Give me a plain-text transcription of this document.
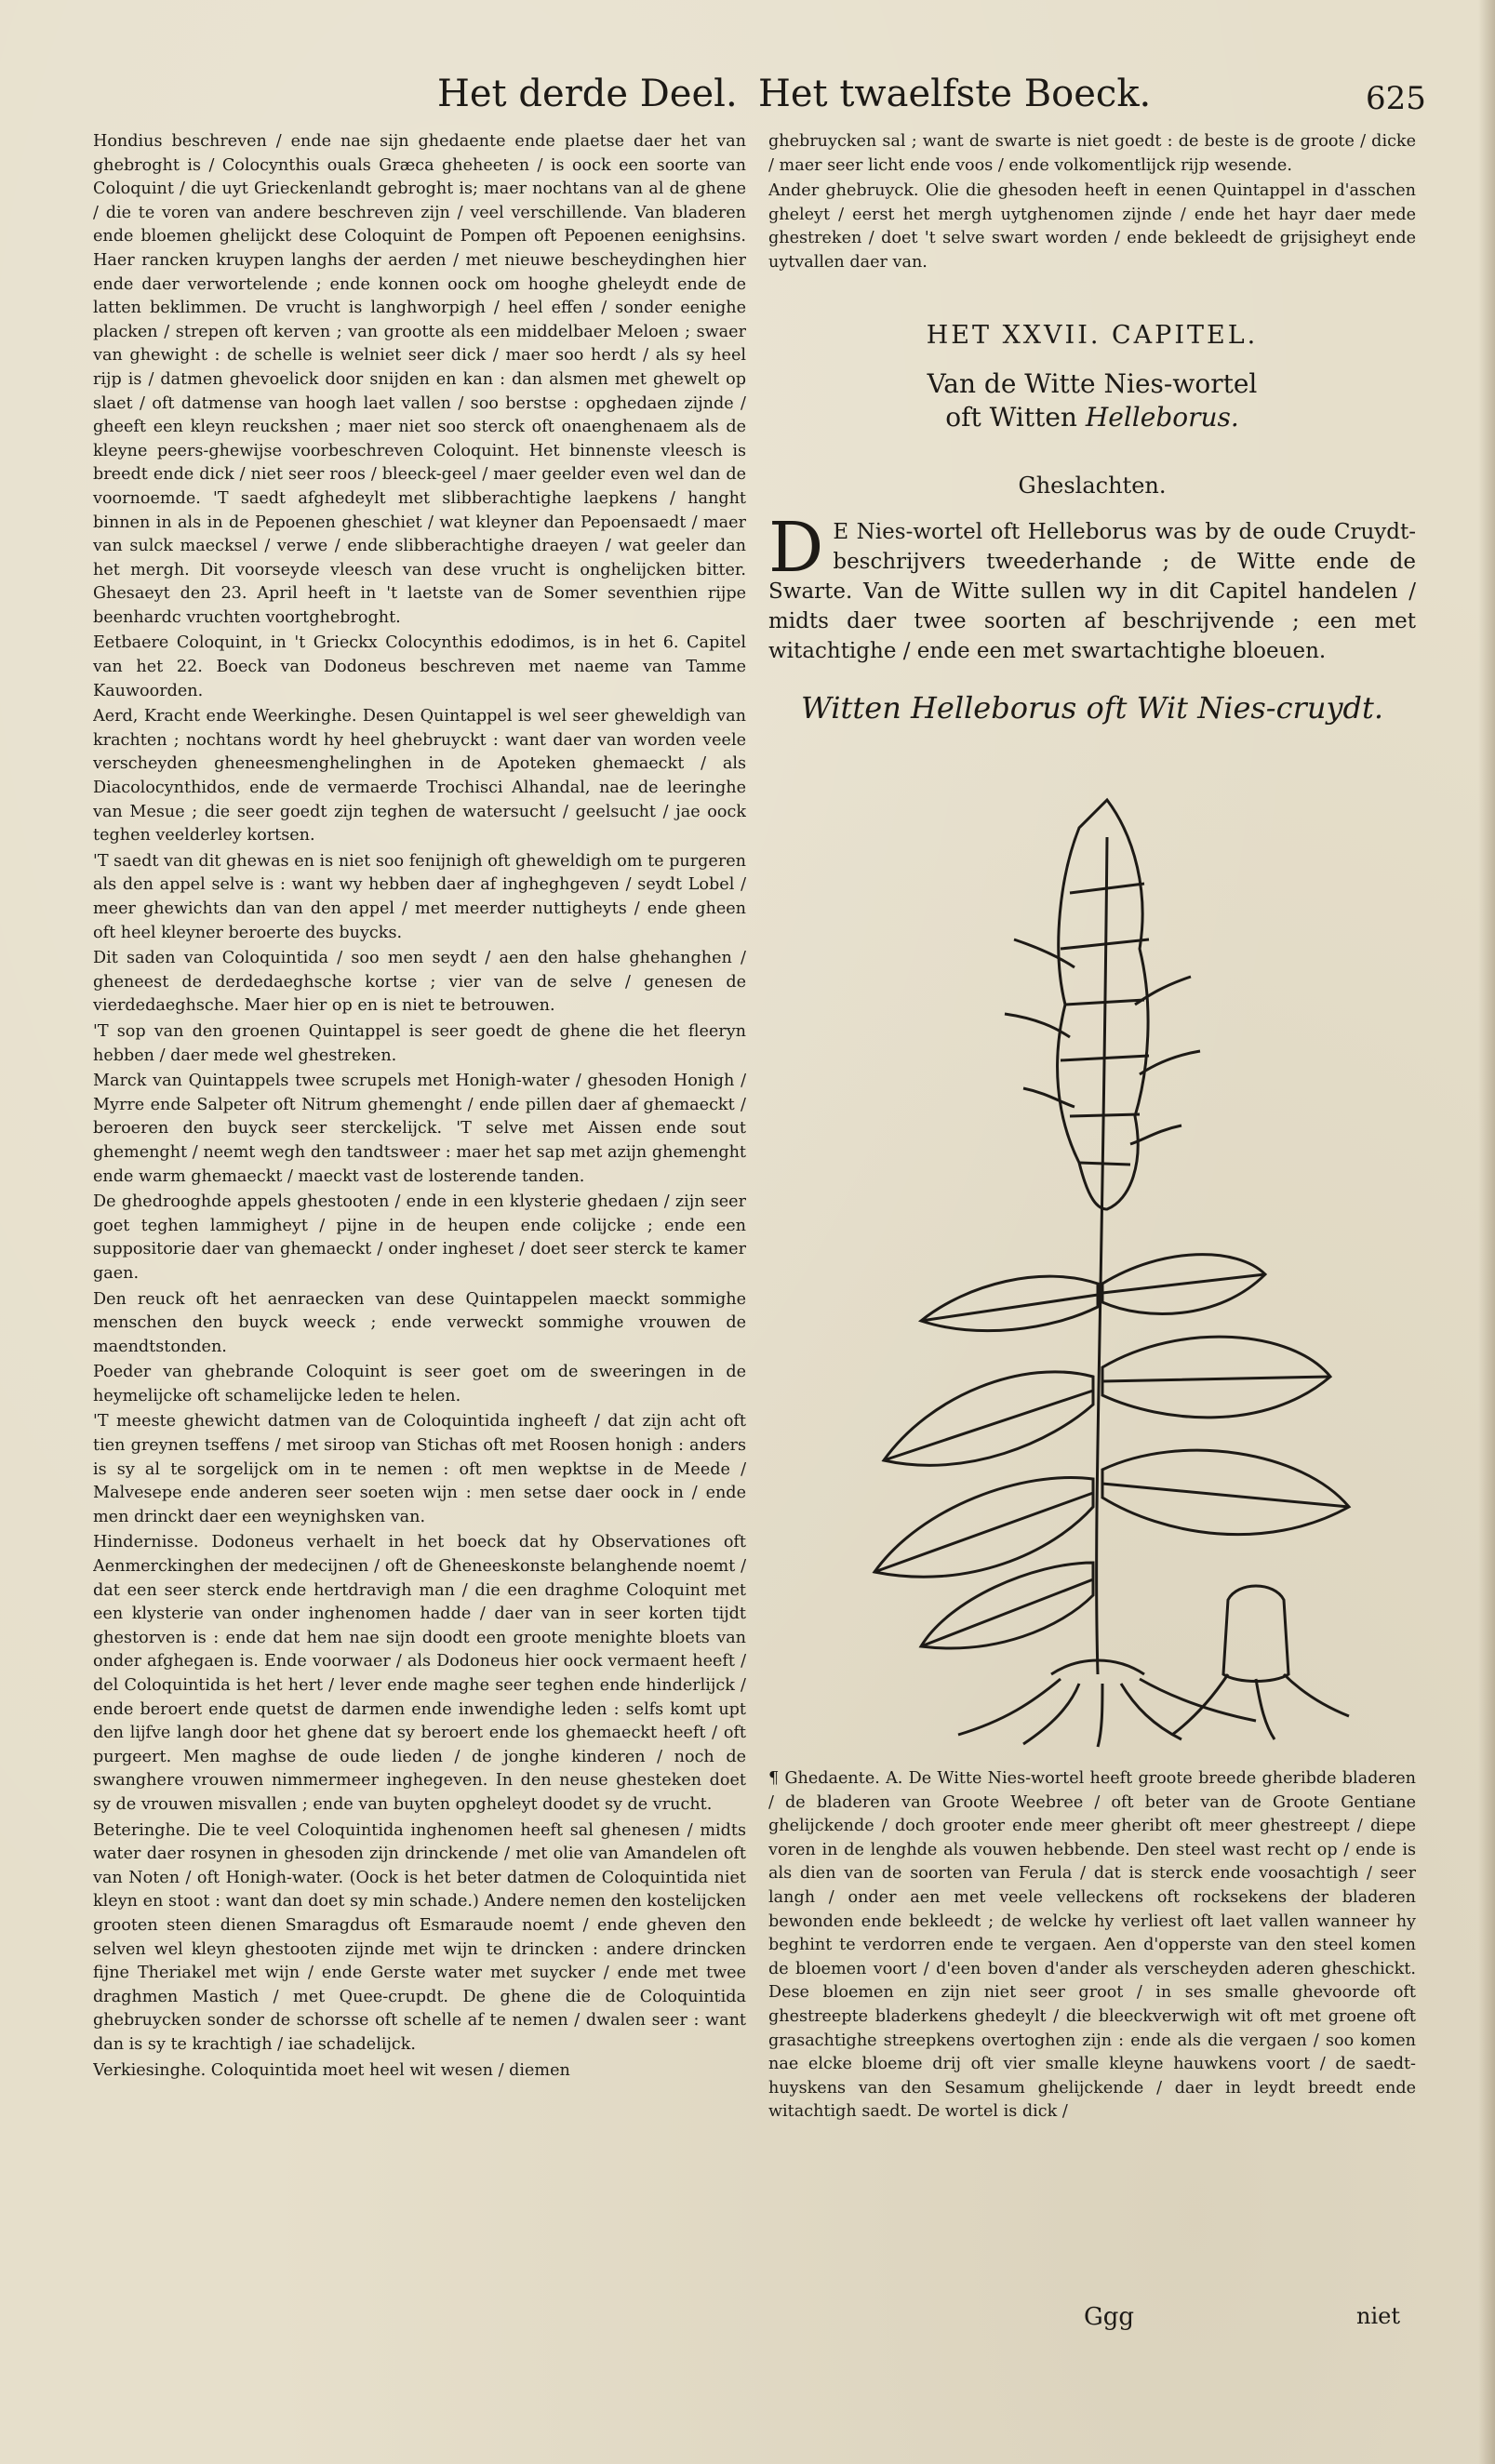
Het derde Deel. Het twaelfste Boeck.	625

Hondius beschreven / ende nae sijn ghedaente ende plaetse daer het van ghebroght is / Colocynthis ouals Græca gheheeten / is oock een soorte van Coloquint / die uyt Grieckenlandt gebroght is; maer nochtans van al de ghene / die te voren van andere beschreven zijn / veel verschillende. Van bladeren ende bloemen ghelijckt dese Coloquint de Pompen oft Pepoenen eenighsins. Haer rancken kruypen langhs der aerden / met nieuwe bescheydinghen hier ende daer verwortelende ; ende konnen oock om hooghe gheleydt ende de latten beklimmen. De vrucht is langhworpigh / heel effen / sonder eenighe placken / strepen oft kerven ; van grootte als een middelbaer Meloen ; swaer van ghewight : de schelle is welniet seer dick / maer soo herdt / als sy heel rijp is / datmen ghevoelick door snijden en kan : dan alsmen met ghewelt op slaet / oft datmense van hoogh laet vallen / soo berstse : opghedaen zijnde / gheeft een kleyn reuckshen ; maer niet soo sterck oft onaenghenaem als de kleyne peers-ghewijse voorbeschreven Coloquint. Het binnenste vleesch is breedt ende dick / niet seer roos / bleeck-geel / maer geelder even wel dan de voornoemde. 'T saedt afghedeylt met slibberachtighe laepkens / hanght binnen in als in de Pepoenen gheschiet / wat kleyner dan Pepoensaedt / maer van sulck maecksel / verwe / ende slibberachtighe draeyen / wat geeler dan het mergh. Dit voorseyde vleesch van dese vrucht is onghelijcken bitter. Ghesaeyt den 23. April heeft in 't laetste van de Somer seventhien rijpe beenhardc vruchten voortghebroght.

Eetbaere Coloquint, in 't Grieckx Colocynthis edodimos, is in het 6. Capitel van het 22. Boeck van Dodoneus beschreven met naeme van Tamme Kauwoorden.

Aerd, Kracht ende Weerkinghe. Desen Quintappel is wel seer gheweldigh van krachten ; nochtans wordt hy heel ghebruyckt : want daer van worden veele verscheyden gheneesmenghelinghen in de Apoteken ghemaeckt / als Diacolocynthidos, ende de vermaerde Trochisci Alhandal, nae de leeringhe van Mesue ; die seer goedt zijn teghen de watersucht / geelsucht / jae oock teghen veelderley kortsen.

'T saedt van dit ghewas en is niet soo fenijnigh oft gheweldigh om te purgeren als den appel selve is : want wy hebben daer af ingheghgeven / seydt Lobel / meer ghewichts dan van den appel / met meerder nuttigheyts / ende gheen oft heel kleyner beroerte des buycks.

Dit saden van Coloquintida / soo men seydt / aen den halse ghehanghen / gheneest de derdedaeghsche kortse ; vier van de selve / genesen de vierdedaeghsche. Maer hier op en is niet te betrouwen.

'T sop van den groenen Quintappel is seer goedt de ghene die het fleeryn hebben / daer mede wel ghestreken.

Marck van Quintappels twee scrupels met Honigh-water / ghesoden Honigh / Myrre ende Salpeter oft Nitrum ghemenght / ende pillen daer af ghemaeckt / beroeren den buyck seer sterckelijck. 'T selve met Aissen ende sout ghemenght / neemt wegh den tandtsweer : maer het sap met azijn ghemenght ende warm ghemaeckt / maeckt vast de losterende tanden.

De ghedrooghde appels ghestooten / ende in een klysterie ghedaen / zijn seer goet teghen lammigheyt / pijne in de heupen ende colijcke ; ende een suppositorie daer van ghemaeckt / onder ingheset / doet seer sterck te kamer gaen.

Den reuck oft het aenraecken van dese Quintappelen maeckt sommighe menschen den buyck weeck ; ende verweckt sommighe vrouwen de maendtstonden.

Poeder van ghebrande Coloquint is seer goet om de sweeringen in de heymelijcke oft schamelijcke leden te helen.

'T meeste ghewicht datmen van de Coloquintida ingheeft / dat zijn acht oft tien greynen tseffens / met siroop van Stichas oft met Roosen honigh : anders is sy al te sorgelijck om in te nemen : oft men wepktse in de Meede / Malvesepe ende anderen seer soeten wijn : men setse daer oock in / ende men drinckt daer een weynighsken van.

Hindernisse. Dodoneus verhaelt in het boeck dat hy Observationes oft Aenmerckinghen der medecijnen / oft de Gheneeskonste belanghende noemt / dat een seer sterck ende hertdravigh man / die een draghme Coloquint met een klysterie van onder inghenomen hadde / daer van in seer korten tijdt ghestorven is : ende dat hem nae sijn doodt een groote menighte bloets van onder afghegaen is. Ende voorwaer / als Dodoneus hier oock vermaent heeft / del Coloquintida is het hert / lever ende maghe seer teghen ende hinderlijck / ende beroert ende quetst de darmen ende inwendighe leden : selfs komt upt den lijfve langh door het ghene dat sy beroert ende los ghemaeckt heeft / oft purgeert. Men maghse de oude lieden / de jonghe kinderen / noch de swanghere vrouwen nimmermeer inghegeven. In den neuse ghesteken doet sy de vrouwen misvallen ; ende van buyten opgheleyt doodet sy de vrucht.

Beteringhe. Die te veel Coloquintida inghenomen heeft sal ghenesen / midts water daer rosynen in ghesoden zijn drinckende / met olie van Amandelen oft van Noten / oft Honigh-water. (Oock is het beter datmen de Coloquintida niet kleyn en stoot : want dan doet sy min schade.) Andere nemen den kostelijcken grooten steen dienen Smaragdus oft Esmaraude noemt / ende gheven den selven wel kleyn ghestooten zijnde met wijn te drincken : andere drincken fijne Theriakel met wijn / ende Gerste water met suycker / ende met twee draghmen Mastich / met Quee-crupdt. De ghene die de Coloquintida ghebruycken sonder de schorsse oft schelle af te nemen / dwalen seer : want dan is sy te krachtigh / iae schadelijck.

Verkiesinghe. Coloquintida moet heel wit wesen / diemen

ghebruycken sal ; want de swarte is niet goedt : de beste is de groote / dicke / maer seer licht ende voos / ende volkomentlijck rijp wesende.

Ander ghebruyck. Olie die ghesoden heeft in eenen Quintappel in d'asschen gheleyt / eerst het mergh uytghenomen zijnde / ende het hayr daer mede ghestreken / doet 't selve swart worden / ende bekleedt de grijsigheyt ende uytvallen daer van.

HET XXVII. CAPITEL.
Van de Witte Nies-wortel
oft Witten Helleborus.
Gheslachten.
D E Nies-wortel oft Helleborus was by de oude Cruydt-beschrijvers tweederhande ; de Witte ende de Swarte. Van de Witte sullen wy in dit Capitel handelen / midts daer twee soorten af beschrijvende ; een met witachtighe / ende een met swartachtighe bloeuen.
Witten Helleborus oft Wit Nies-cruydt.

¶ Ghedaente. A. De Witte Nies-wortel heeft groote breede gheribde bladeren / de bladeren van Groote Weebree / oft beter van de Groote Gentiane ghelijckende / doch grooter ende meer gheribt oft meer ghestreept / diepe voren in de lenghde als vouwen hebbende. Den steel wast recht op / ende is als dien van de soorten van Ferula / dat is sterck ende voosachtigh / seer langh / onder aen met veele velleckens oft rocksekens der bladeren bewonden ende bekleedt ; de welcke hy verliest oft laet vallen wanneer hy beghint te verdorren ende te vergaen. Aen d'opperste van den steel komen de bloemen voort / d'een boven d'ander als verscheyden aderen gheschickt. Dese bloemen en zijn niet seer groot / in ses smalle ghevoorde oft ghestreepte bladerkens ghedeylt / die bleeckverwigh wit oft met groene oft grasachtighe streepkens overtoghen zijn : ende als die vergaen / soo komen nae elcke bloeme drij oft vier smalle kleyne hauwkens voort / de saedt-huyskens van den Sesamum ghelijckende / daer in leydt breedt ende witachtigh saedt. De wortel is dick /

Ggg	niet
